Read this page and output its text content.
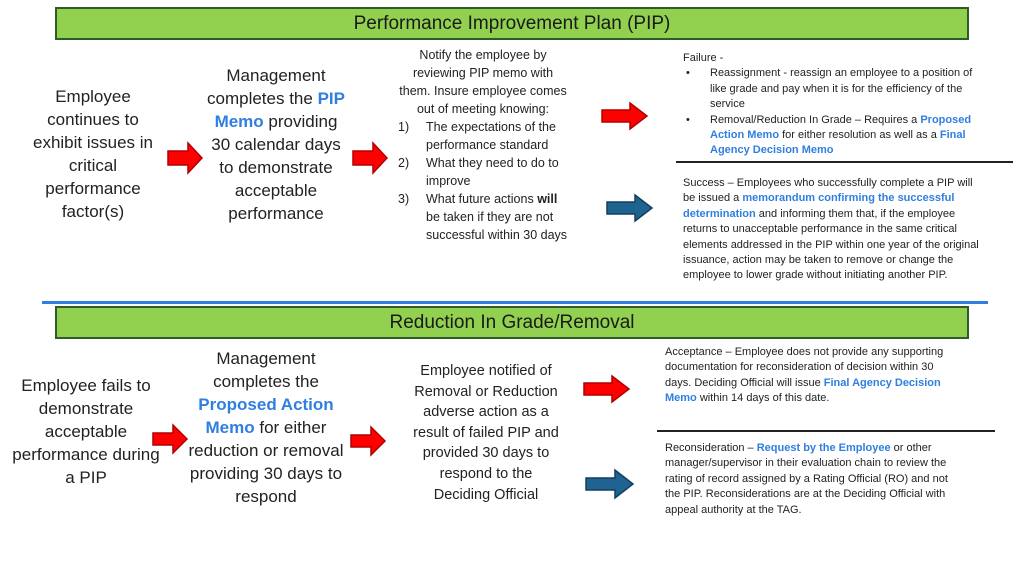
Performance Improvement Plan (PIP)
Employee continues to exhibit issues in critical performance factor(s)
Management completes the PIP Memo providing 30 calendar days to demonstrate acceptable performance
Notify the employee by reviewing PIP memo with them. Insure employee comes out of meeting knowing:
1)	The expectations of the performance standard
2)	What they need to do to improve
3)	What future actions will be taken if they are not successful within 30 days
Failure -
•	Reassignment - reassign an employee to a position of like grade and pay when it is for the efficiency of the service
•	Removal/Reduction In Grade – Requires a Proposed Action Memo for either resolution as well as a Final Agency Decision Memo
Success – Employees who successfully complete a PIP will be issued a memorandum confirming the successful determination and informing them that, if the employee returns to unacceptable performance in the same critical elements addressed in the PIP within one year of the original issuance, action may be taken to remove or change the employee to lower grade without initiating another PIP.
Reduction In Grade/Removal
Employee fails to demonstrate acceptable performance during a PIP
Management completes the Proposed Action Memo for either reduction or removal providing 30 days to respond
Employee notified of Removal or Reduction adverse action as a result of failed PIP and provided 30 days to respond to the Deciding Official
Acceptance – Employee does not provide any supporting documentation for reconsideration of decision within 30 days. Deciding Official will issue Final Agency Decision Memo within 14 days of this date.
Reconsideration – Request by the Employee or other manager/supervisor in their evaluation chain to review the rating of record assigned by a Rating Official (RO) and not the PIP. Reconsiderations are at the Deciding Official with appeal authority at the TAG.
